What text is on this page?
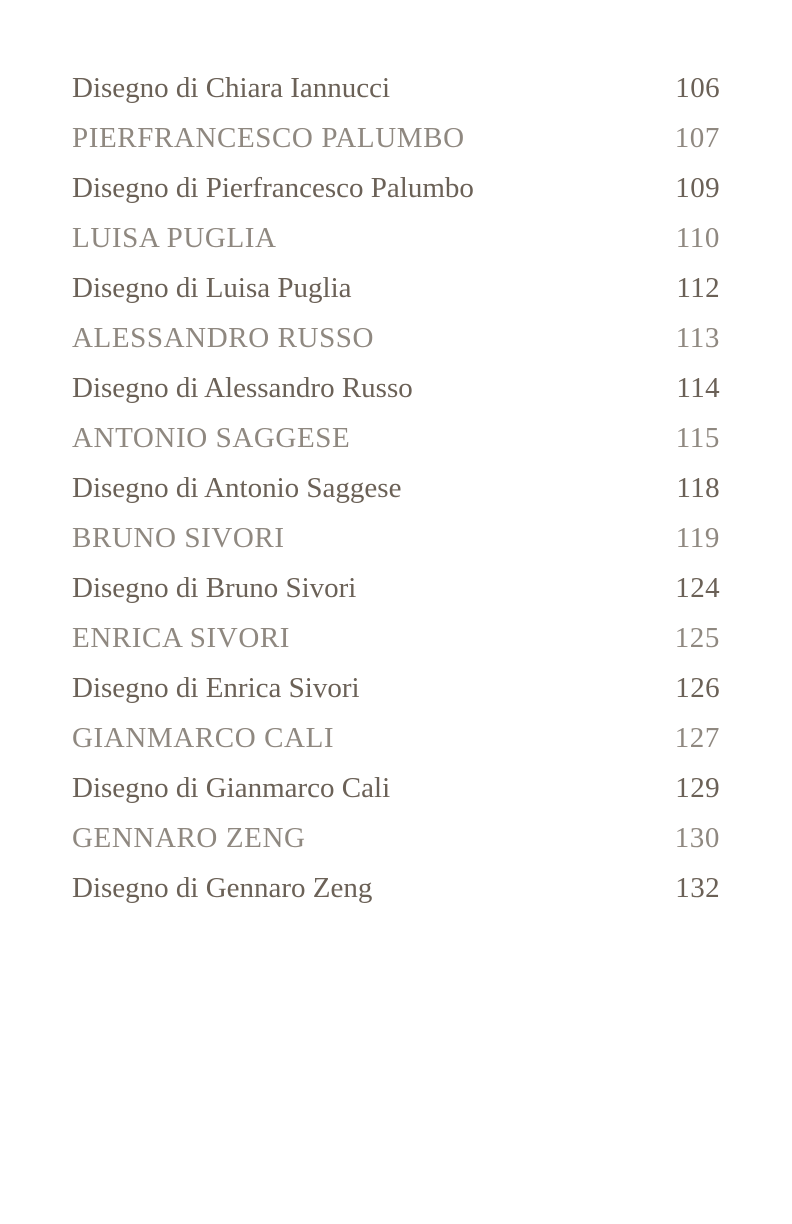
Disegno di Chiara Iannucci	106
PIERFRANCESCO PALUMBO	107
Disegno di Pierfrancesco Palumbo	109
LUISA PUGLIA	110
Disegno di Luisa Puglia	112
ALESSANDRO RUSSO	113
Disegno di Alessandro Russo	114
ANTONIO SAGGESE	115
Disegno di Antonio Saggese	118
BRUNO SIVORI	119
Disegno di Bruno Sivori	124
ENRICA SIVORI	125
Disegno di Enrica Sivori	126
GIANMARCO CALI	127
Disegno di Gianmarco Cali	129
GENNARO ZENG	130
Disegno di Gennaro Zeng	132
